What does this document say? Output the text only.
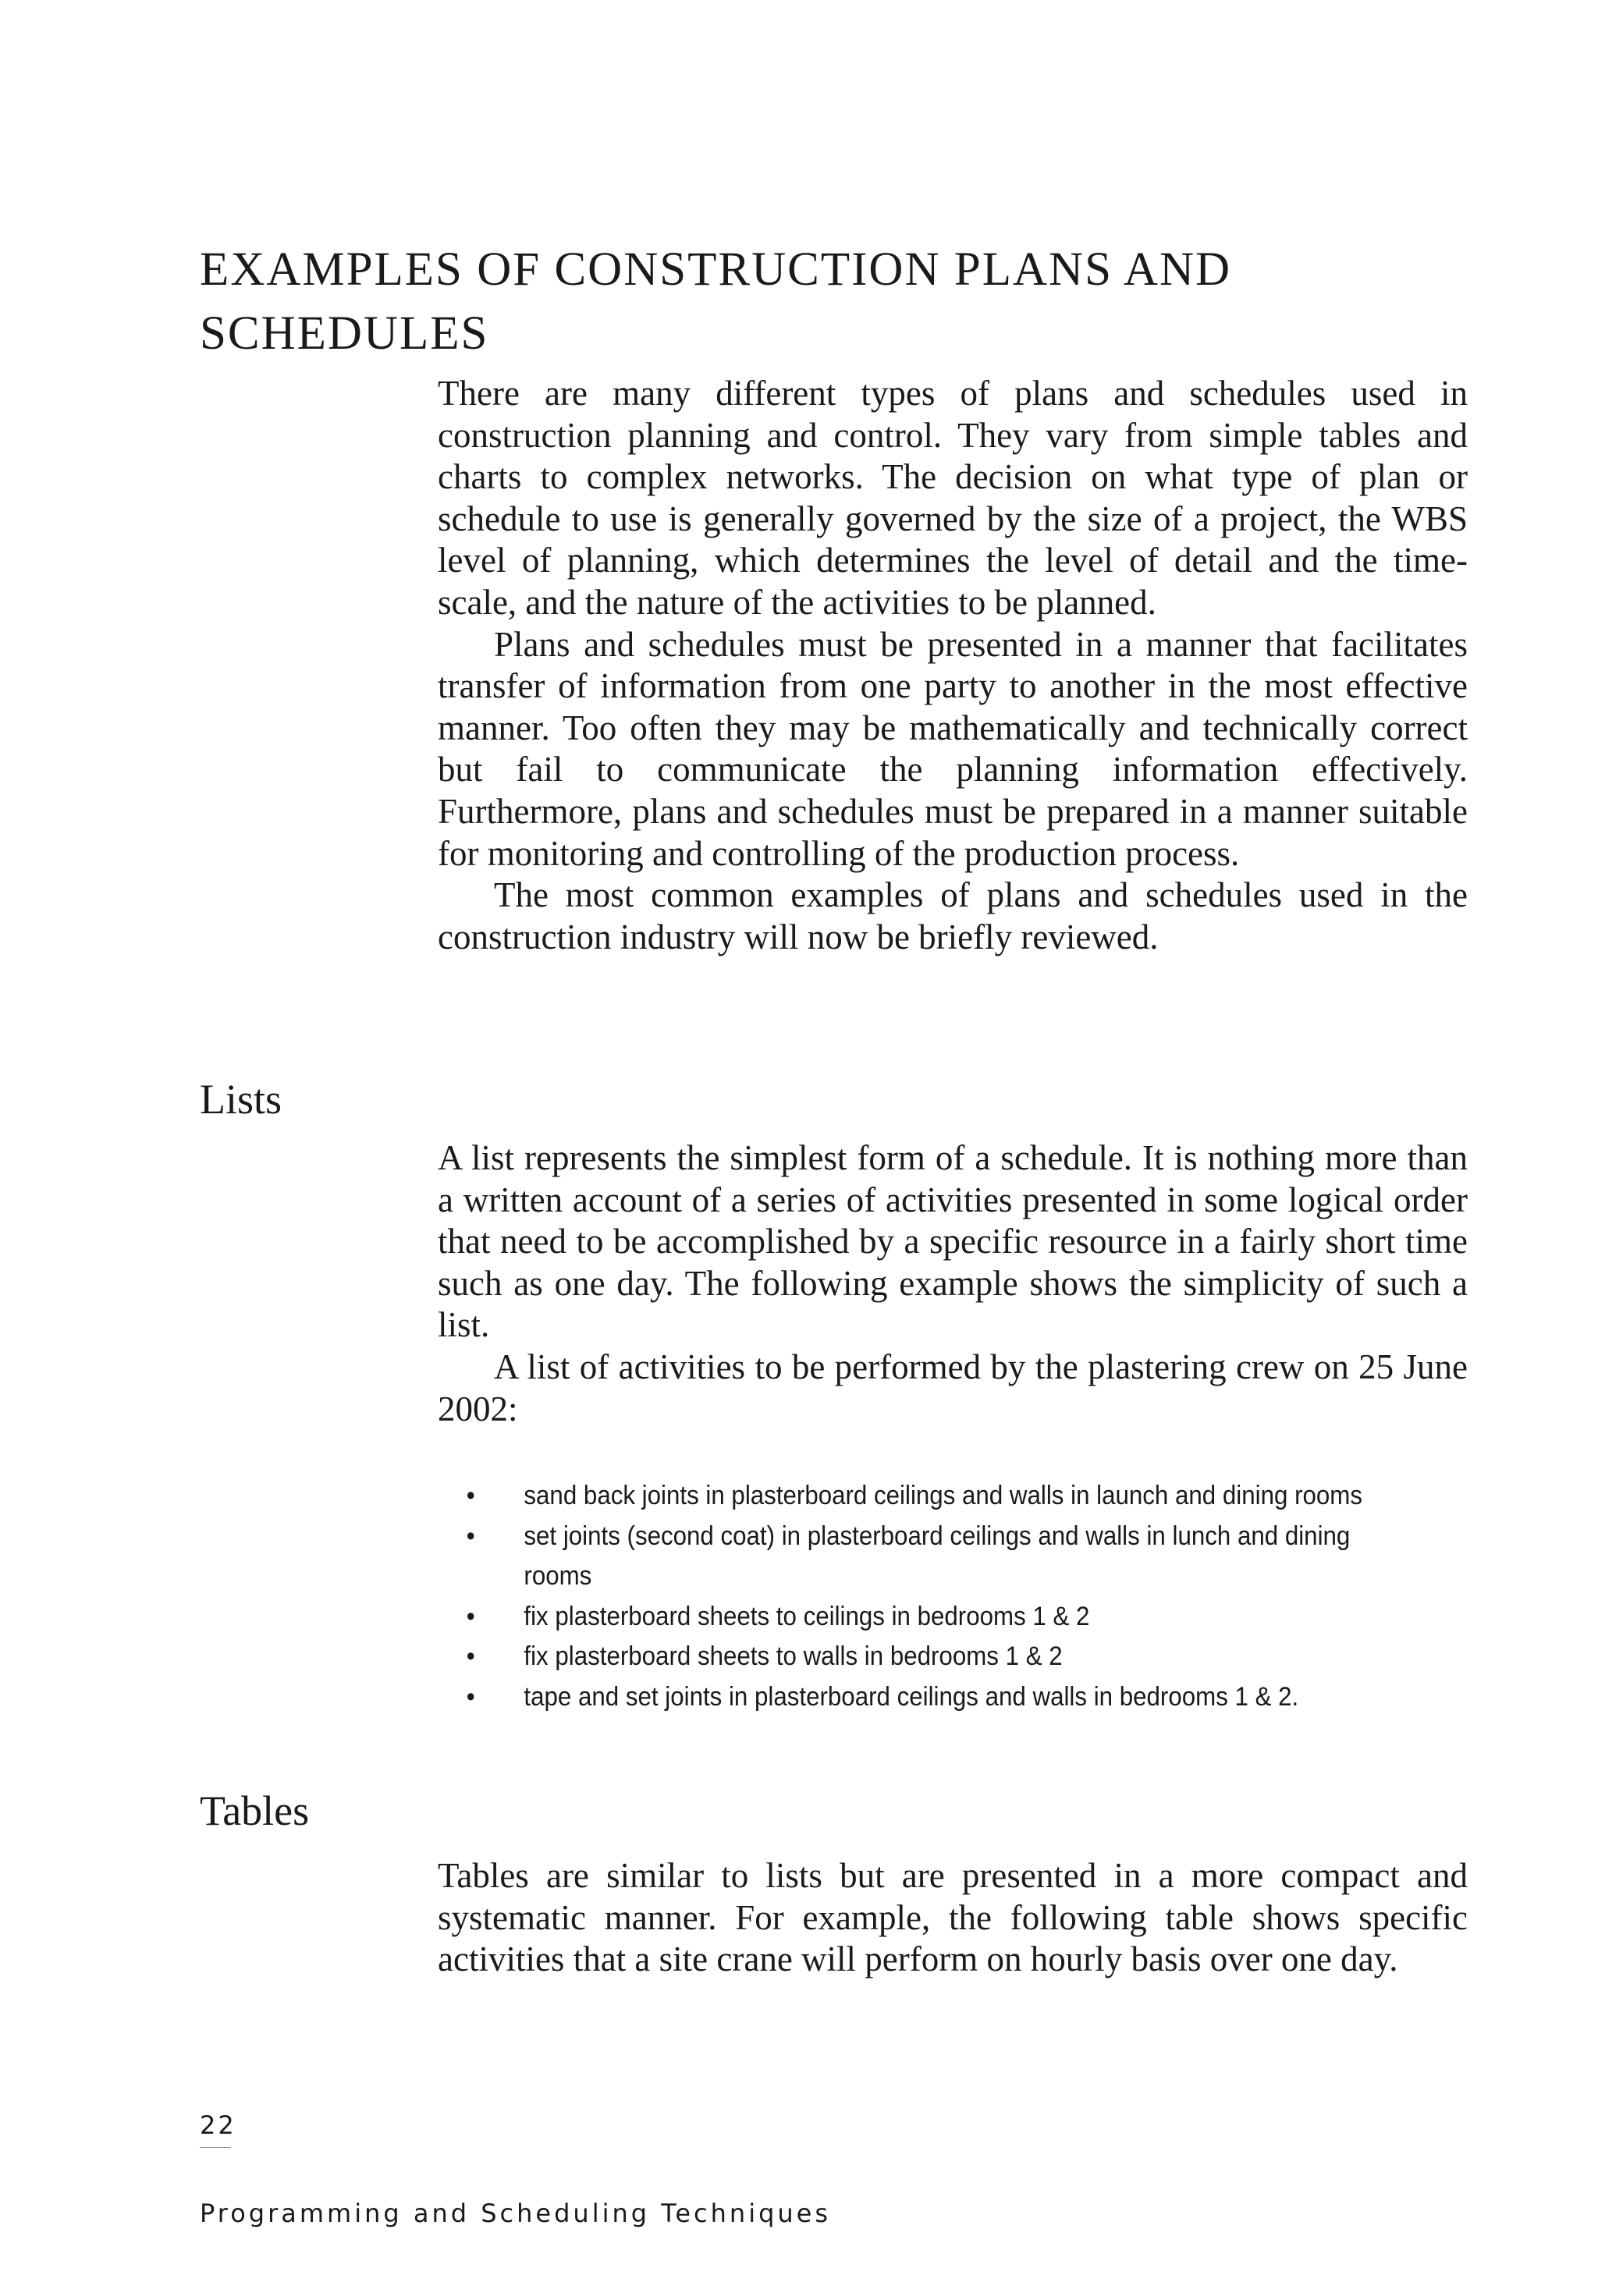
EXAMPLES OF CONSTRUCTION PLANS AND SCHEDULES

There are many different types of plans and schedules used in construction planning and control. They vary from simple tables and charts to complex networks. The decision on what type of plan or schedule to use is generally governed by the size of a project, the WBS level of planning, which determines the level of detail and the time-scale, and the nature of the activities to be planned.

Plans and schedules must be presented in a manner that facilitates transfer of information from one party to another in the most effective manner. Too often they may be mathematically and technically correct but fail to communicate the planning information effectively. Furthermore, plans and schedules must be prepared in a manner suitable for monitoring and controlling of the production process.

The most common examples of plans and schedules used in the construction industry will now be briefly reviewed.

Lists

A list represents the simplest form of a schedule. It is nothing more than a written account of a series of activities presented in some logical order that need to be accomplished by a specific resource in a fairly short time such as one day. The following example shows the simplicity of such a list.

A list of activities to be performed by the plastering crew on 25 June 2002:

• sand back joints in plasterboard ceilings and walls in launch and dining rooms
• set joints (second coat) in plasterboard ceilings and walls in lunch and dining rooms
• fix plasterboard sheets to ceilings in bedrooms 1 & 2
• fix plasterboard sheets to walls in bedrooms 1 & 2
• tape and set joints in plasterboard ceilings and walls in bedrooms 1 & 2.
Tables

Tables are similar to lists but are presented in a more compact and systematic manner. For example, the following table shows specific activities that a site crane will perform on hourly basis over one day.

22
Programming and Scheduling Techniques
